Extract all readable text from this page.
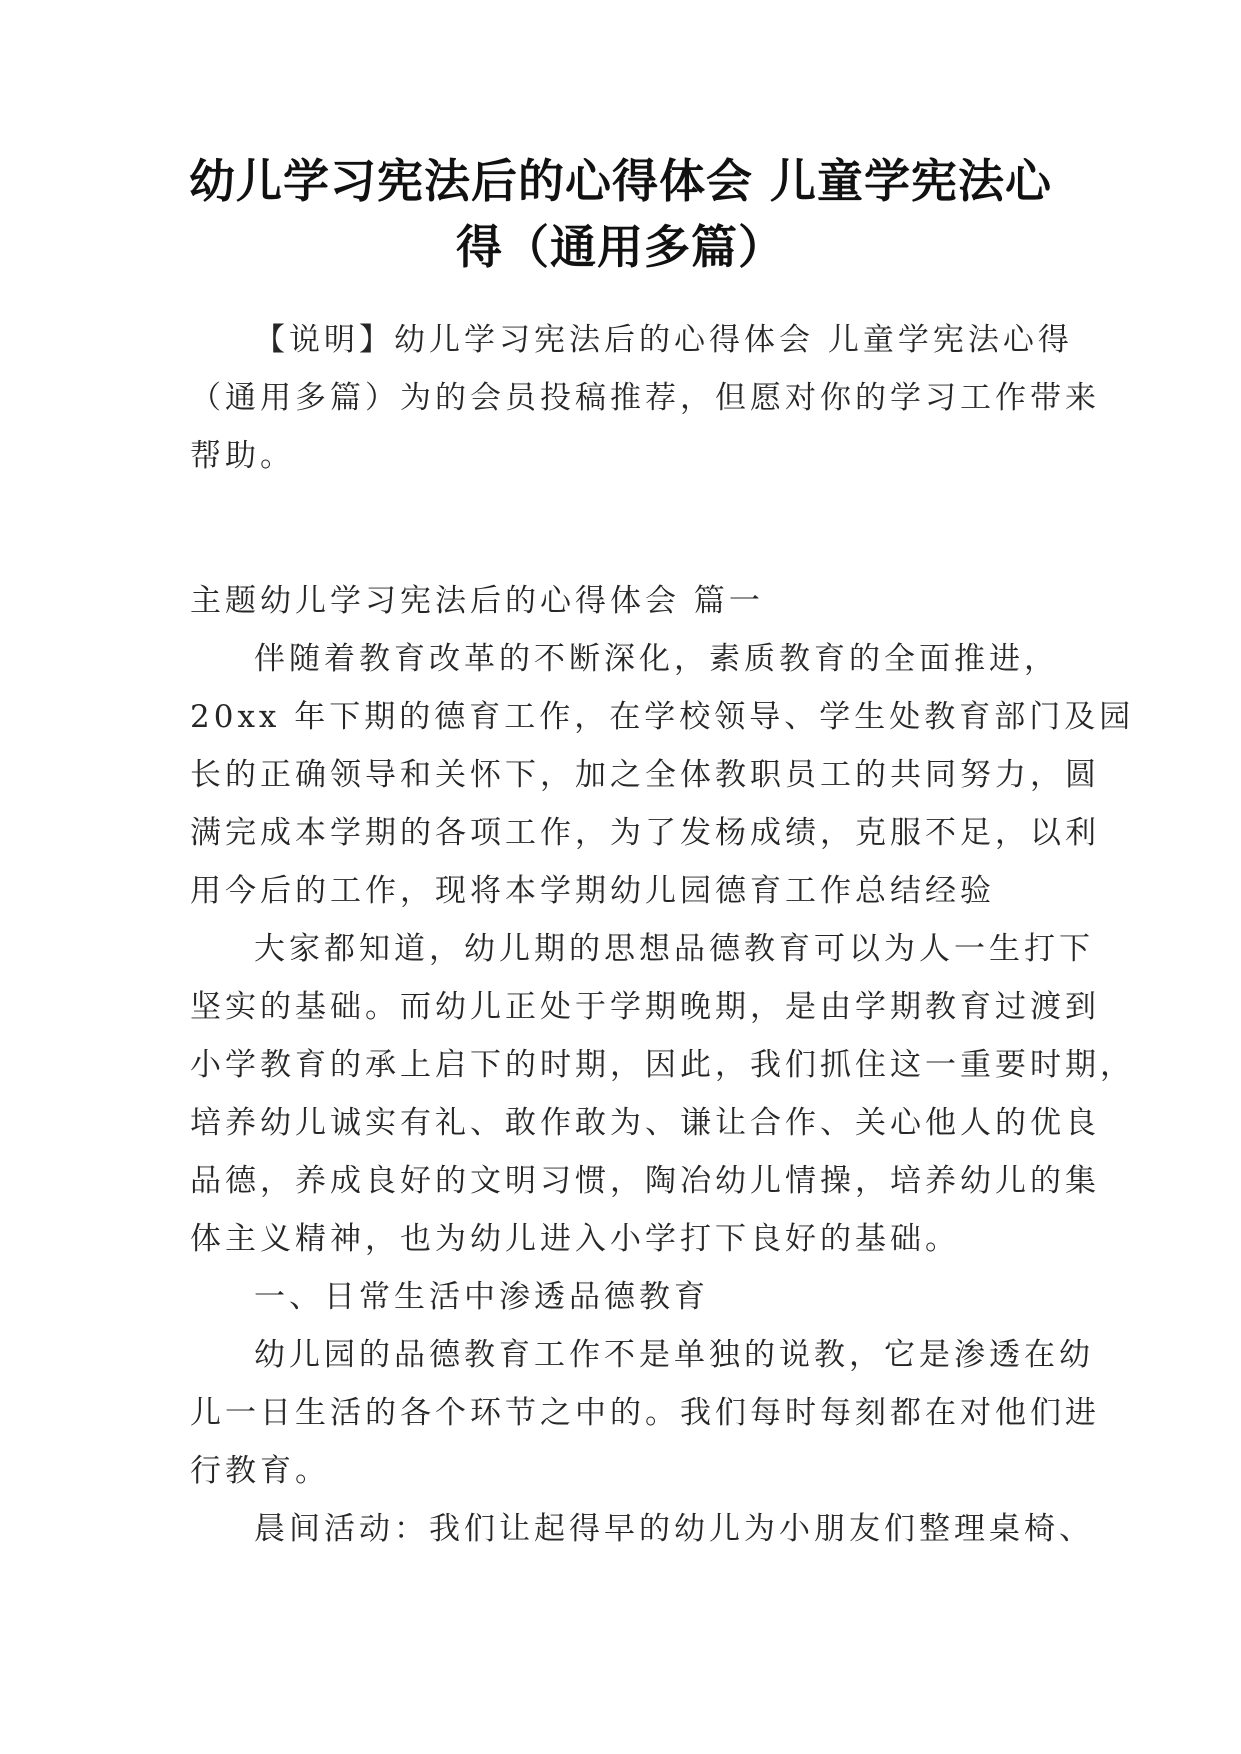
幼儿学习宪法后的心得体会 儿童学宪法心
得（通用多篇）
【说明】幼儿学习宪法后的心得体会 儿童学宪法心得
（通用多篇）为的会员投稿推荐，但愿对你的学习工作带来
帮助。
主题幼儿学习宪法后的心得体会 篇一
伴随着教育改革的不断深化，素质教育的全面推进，
20xx 年下期的德育工作，在学校领导、学生处教育部门及园
长的正确领导和关怀下，加之全体教职员工的共同努力，圆
满完成本学期的各项工作，为了发杨成绩，克服不足，以利
用今后的工作，现将本学期幼儿园德育工作总结经验
大家都知道，幼儿期的思想品德教育可以为人一生打下
坚实的基础。而幼儿正处于学期晚期，是由学期教育过渡到
小学教育的承上启下的时期，因此，我们抓住这一重要时期，
培养幼儿诚实有礼、敢作敢为、谦让合作、关心他人的优良
品德，养成良好的文明习惯，陶冶幼儿情操，培养幼儿的集
体主义精神，也为幼儿进入小学打下良好的基础。
一、日常生活中渗透品德教育
幼儿园的品德教育工作不是单独的说教，它是渗透在幼
儿一日生活的各个环节之中的。我们每时每刻都在对他们进
行教育。
晨间活动：我们让起得早的幼儿为小朋友们整理桌椅、
